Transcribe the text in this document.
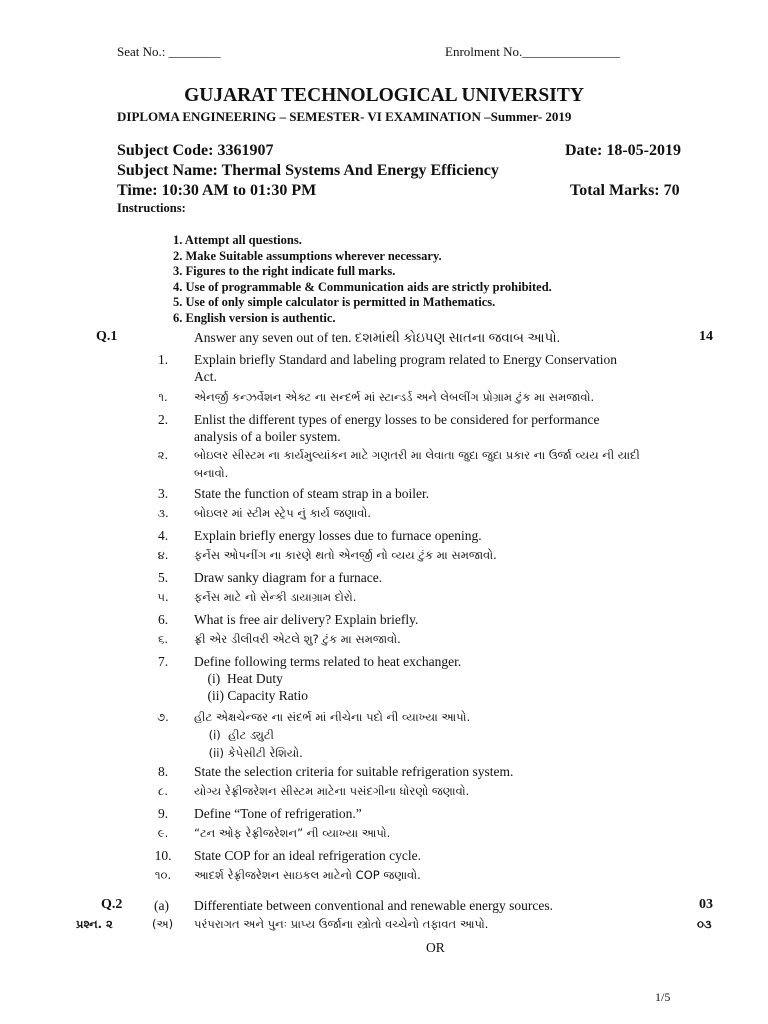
Seat No.: ________	Enrolment No._______________
GUJARAT TECHNOLOGICAL UNIVERSITY
DIPLOMA ENGINEERING – SEMESTER- VI EXAMINATION –Summer- 2019
Subject Code: 3361907	Date: 18-05-2019
Subject Name: Thermal Systems And Energy Efficiency
Time: 10:30 AM to 01:30 PM	Total Marks: 70
Instructions:
1. Attempt all questions.
2. Make Suitable assumptions wherever necessary.
3. Figures to the right indicate full marks.
4. Use of programmable & Communication aids are strictly prohibited.
5. Use of only simple calculator is permitted in Mathematics.
6. English version is authentic.
Q.1	Answer any seven out of ten. દશમાંથી કોઇપણ સાતના જવાબ આપો.	14
1.	Explain briefly Standard and labeling program related to Energy Conservation
Act.
૧.	એનર્જી કન્ઝર્વેશન એક્ટ ના સન્દર્ભ માં સ્ટાન્ડર્ડ અને લેબલીંગ પ્રોગ્રામ ટુંક મા સમજાવો.
2.	Enlist the different types of energy losses to be considered for performance
analysis of a boiler system.
૨.	બોઇલર સીસ્ટમ ના કાર્યમુલ્યાંકન માટે ગણતરી મા લેવાતા જુદા જુદા પ્રકાર ના ઉર્જા વ્યય ની યાદી
બનાવો.
3.	State the function of steam strap in a boiler.
૩.	બોઇલર માં સ્ટીમ સ્ટ્રેપ નું કાર્ય જણાવો.
4.	Explain briefly energy losses due to furnace opening.
૪.	ફર્નેસ ઓપનીંગ ના કારણે થતો એનર્જી નો વ્યય ટુંક મા સમજાવો.
5.	Draw sanky diagram for a furnace.
૫.	ફર્નેસ માટે નો સેન્કી ડાયાગ્રામ દોરો.
6.	What is free air delivery? Explain briefly.
૬.	ફ્રી એર ડીલીવરી એટલે શુ? ટુંક મા સમજાવો.
7.	Define following terms related to heat exchanger.
(i)  Heat Duty
(ii) Capacity Ratio
૭.	હીટ એક્ષચેન્જર ના સંદર્ભ માં નીચેના પદો ની વ્યાખ્યા આપો.
(i)  હીટ ડ્યુટી
(ii) કેપેસીટી રેશિયો.
8.	State the selection criteria for suitable refrigeration system.
૮.	યોગ્ય રેફ્રીજરેશન સીસ્ટમ માટેના પસંદગીના ધોરણો જણાવો.
9.	Define “Tone of refrigeration.”
૯.	“ટન ઓફ રેફ્રીજરેશન” ની વ્યાખ્યા આપો.
10.	State COP for an ideal refrigeration cycle.
૧૦.	આદર્શ રેફ્રીજરેશન સાઇકલ માટેનો COP જણાવો.
Q.2 (a) Differentiate between conventional and renewable energy sources.	03
પ્રશ્ન. ૨	(અ) પરંપરાગત અને પુનઃ પ્રાપ્ય ઉર્જાના સ્ત્રોતો વચ્ચેનો તફાવત આપો.	૦૩
OR
1/5
